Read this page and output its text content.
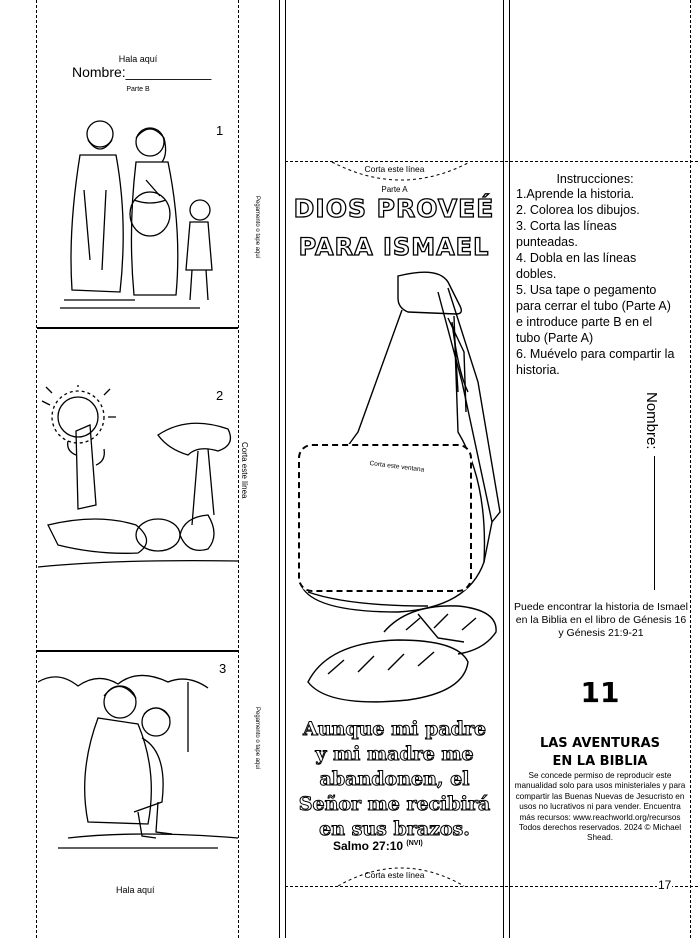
Hala aquí
Nombre:___________
Parte B
1
2
3
Pegamento o tape aquí
Corta este línea
Pegamento o tape aquí
Hala aquí
Corta este línea
Parte A
DIOS PROVEÉ
PARA ISMAEL
Corta este ventana
Aunque mi padre
y mi madre me
abandonen, el
Señor me recibirá
en sus brazos.
Salmo 27:10 $^{(NVI)}$
Corta este línea
Instrucciones:
1.Aprende la historia.
2. Colorea los dibujos.
3. Corta las líneas punteadas.
4. Dobla en las líneas dobles.
5. Usa tape o pegamento para cerrar el tubo (Parte A) e introduce parte B en el tubo (Parte A)
6. Muévelo para compartir la historia.
Nombre:
Puede encontrar la historia de Ismael en la Biblia en el libro de Génesis 16 y Génesis 21:9-21
11
LAS AVENTURAS
EN LA BIBLIA
Se concede permiso de reproducir este manualidad solo para usos ministeriales y para compartir las Buenas Nuevas de Jesucristo en usos no lucrativos ni para vender. Encuentra más recursos: www.reachworld.org/recursos Todos derechos reservados. 2024 © Michael Shead.
17
